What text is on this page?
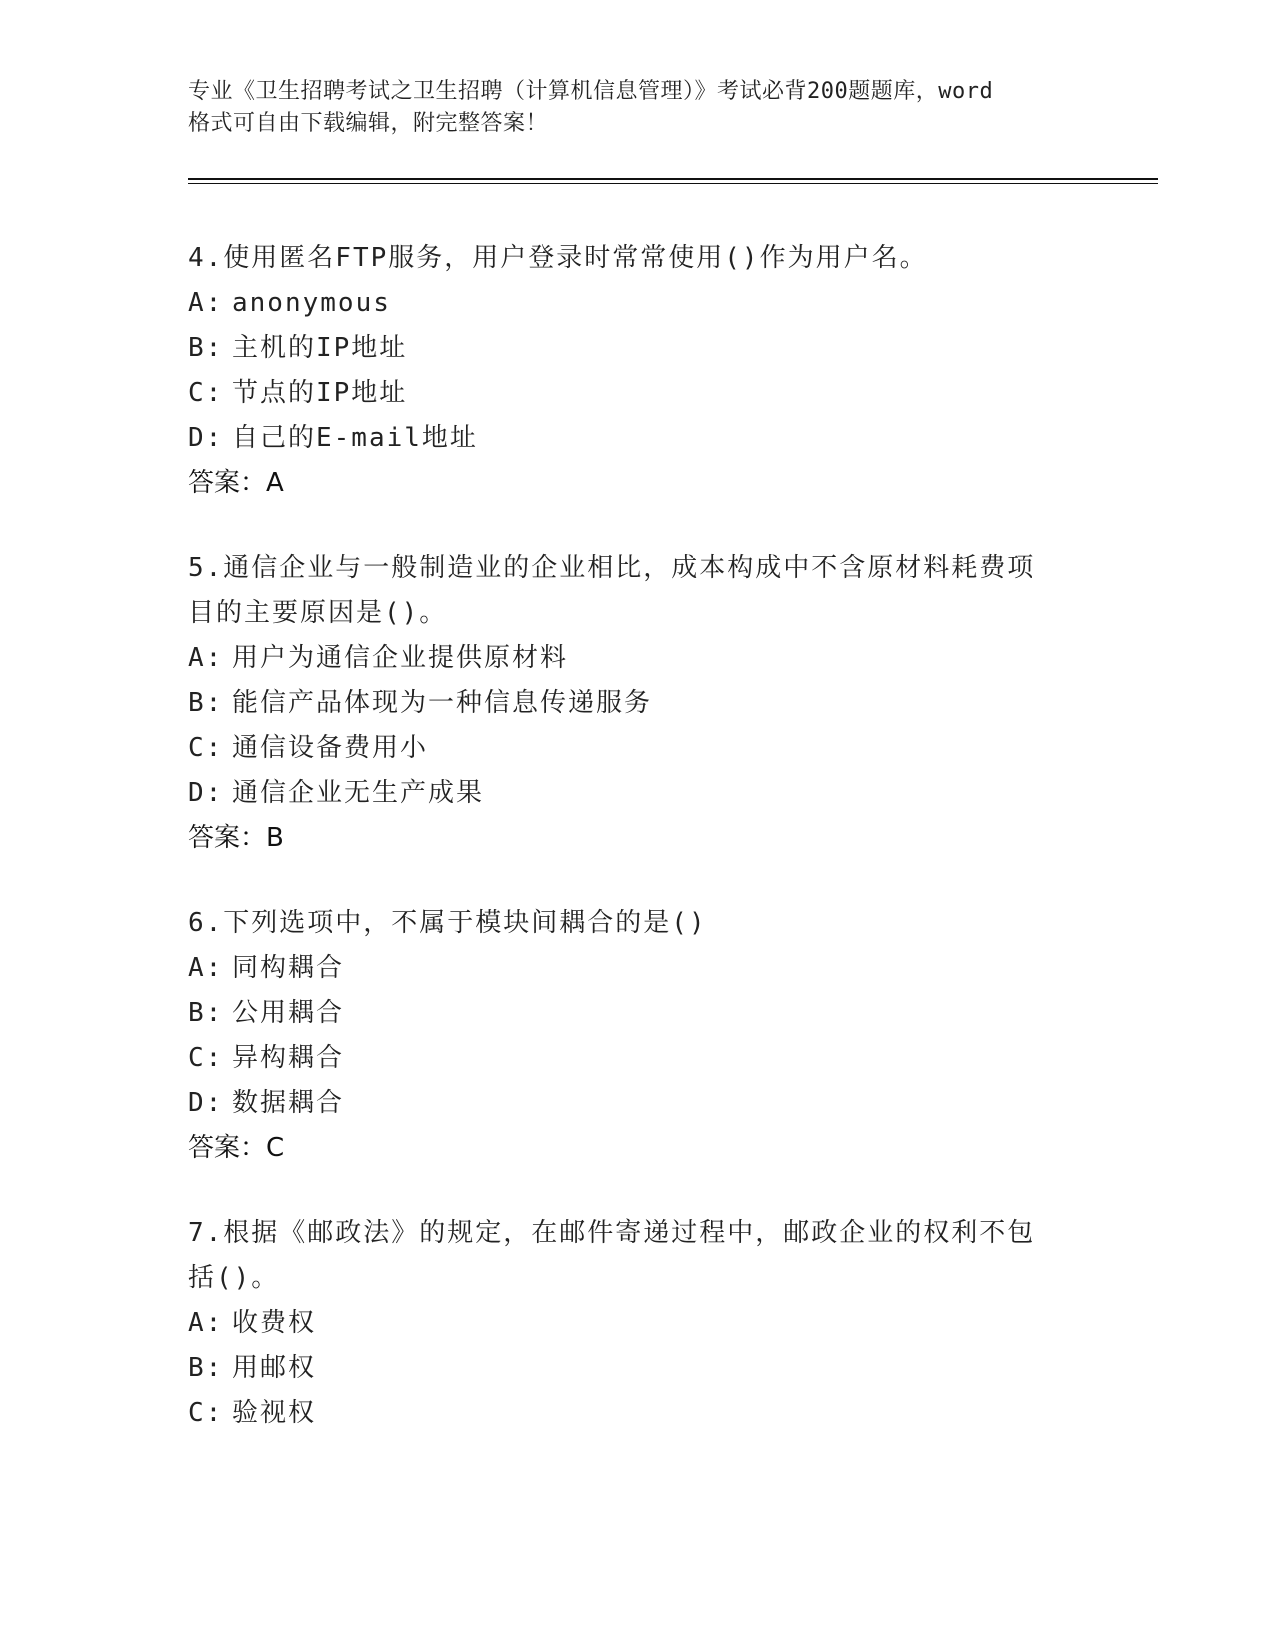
专业《卫生招聘考试之卫生招聘（计算机信息管理）》考试必背200题题库，word
格式可自由下载编辑，附完整答案！
4.使用匿名FTP服务，用户登录时常常使用()作为用户名。
A: anonymous
B: 主机的IP地址
C: 节点的IP地址
D: 自己的E-mail地址
答案：A
5.通信企业与一般制造业的企业相比，成本构成中不含原材料耗费项
目的主要原因是()。
A: 用户为通信企业提供原材料
B: 能信产品体现为一种信息传递服务
C: 通信设备费用小
D: 通信企业无生产成果
答案：B
6.下列选项中，不属于模块间耦合的是()
A: 同构耦合
B: 公用耦合
C: 异构耦合
D: 数据耦合
答案：C
7.根据《邮政法》的规定，在邮件寄递过程中，邮政企业的权利不包
括()。
A: 收费权
B: 用邮权
C: 验视权
